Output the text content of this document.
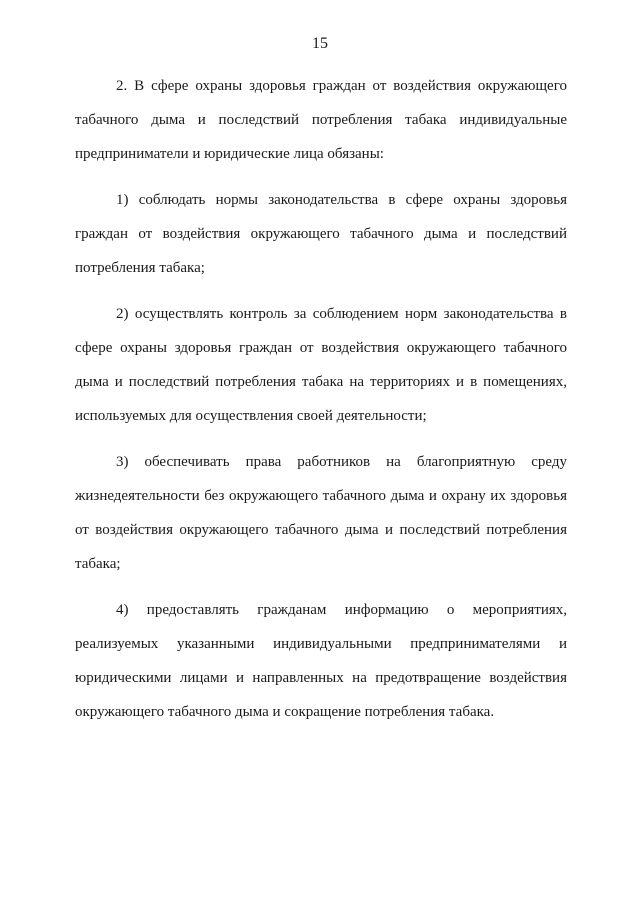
15

2. В сфере охраны здоровья граждан от воздействия окружающего табачного дыма и последствий потребления табака индивидуальные предприниматели и юридические лица обязаны:

1) соблюдать нормы законодательства в сфере охраны здоровья граждан от воздействия окружающего табачного дыма и последствий потребления табака;

2) осуществлять контроль за соблюдением норм законодательства в сфере охраны здоровья граждан от воздействия окружающего табачного дыма и последствий потребления табака на территориях и в помещениях, используемых для осуществления своей деятельности;

3) обеспечивать права работников на благоприятную среду жизнедеятельности без окружающего табачного дыма и охрану их здоровья от воздействия окружающего табачного дыма и последствий потребления табака;

4) предоставлять гражданам информацию о мероприятиях, реализуемых указанными индивидуальными предпринимателями и юридическими лицами и направленных на предотвращение воздействия окружающего табачного дыма и сокращение потребления табака.
